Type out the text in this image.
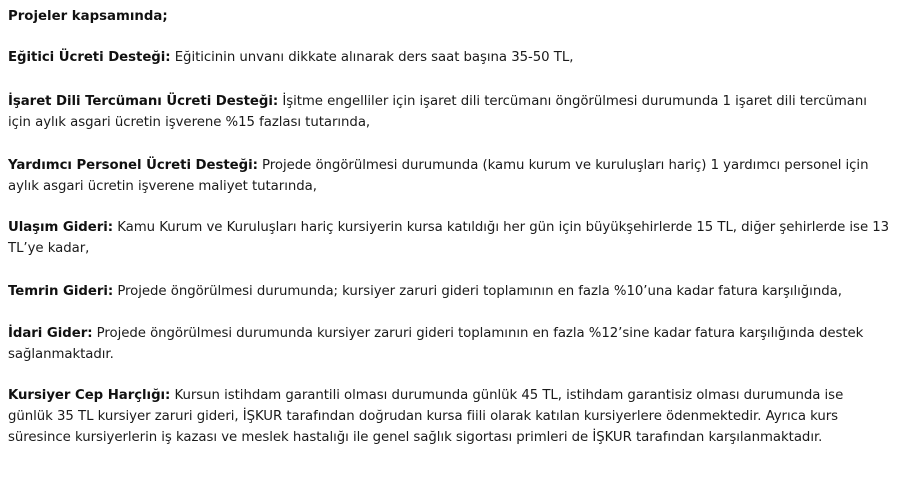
Projeler kapsamında;

Eğitici Ücreti Desteği: Eğiticinin unvanı dikkate alınarak ders saat başına 35-50 TL,

İşaret Dili Tercümanı Ücreti Desteği: İşitme engelliler için işaret dili tercümanı öngörülmesi durumunda 1 işaret dili tercümanı için aylık asgari ücretin işverene %15 fazlası tutarında,

Yardımcı Personel Ücreti Desteği: Projede öngörülmesi durumunda (kamu kurum ve kuruluşları hariç) 1 yardımcı personel için aylık asgari ücretin işverene maliyet tutarında,

Ulaşım Gideri: Kamu Kurum ve Kuruluşları hariç kursiyerin kursa katıldığı her gün için büyükşehirlerde 15 TL, diğer şehirlerde ise 13 TL’ye kadar,

Temrin Gideri: Projede öngörülmesi durumunda; kursiyer zaruri gideri toplamının en fazla %10’una kadar fatura karşılığında,

İdari Gider: Projede öngörülmesi durumunda kursiyer zaruri gideri toplamının en fazla %12’sine kadar fatura karşılığında destek sağlanmaktadır.

Kursiyer Cep Harçlığı: Kursun istihdam garantili olması durumunda günlük 45 TL, istihdam garantisiz olması durumunda ise günlük 35 TL kursiyer zaruri gideri, İŞKUR tarafından doğrudan kursa fiili olarak katılan kursiyerlere ödenmektedir. Ayrıca kurs süresince kursiyerlerin iş kazası ve meslek hastalığı ile genel sağlık sigortası primleri de İŞKUR tarafından karşılanmaktadır.
